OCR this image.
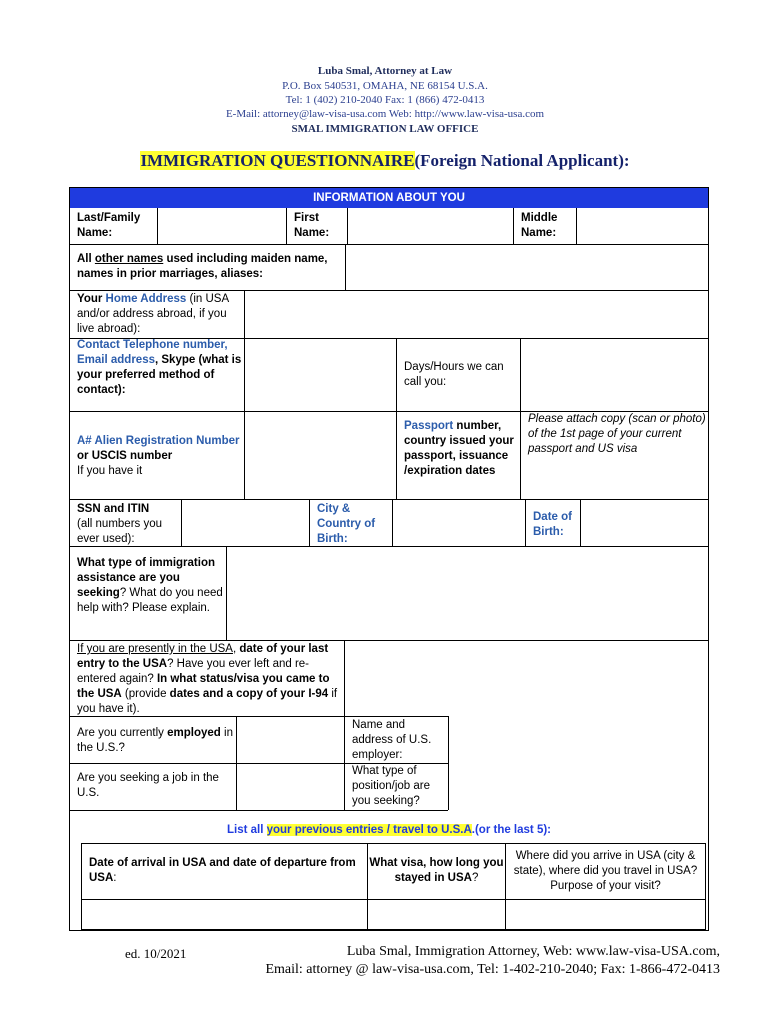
Luba Smal, Attorney at Law
P.O. Box 540531, OMAHA, NE 68154 U.S.A.
Tel: 1 (402) 210-2040 Fax: 1 (866) 472-0413
E-Mail: attorney@law-visa-usa.com Web: http://www.law-visa-usa.com
SMAL IMMIGRATION LAW OFFICE
IMMIGRATION QUESTIONNAIRE(Foreign National Applicant):
INFORMATION ABOUT YOU
Last/Family Name:
First Name:
Middle Name:
All other names used including maiden name, names in prior marriages, aliases:
Your Home Address (in USA and/or address abroad, if you live abroad):
Contact Telephone number, Email address, Skype (what is your preferred method of contact):
Days/Hours we can call you:
A# Alien Registration Number or USCIS number
If you have it
Passport number, country issued your passport, issuance /expiration dates
Please attach copy (scan or photo) of the 1st page of your current passport and US visa
SSN and ITIN
(all numbers you ever used):
City & Country of Birth:
Date of Birth:
What type of immigration assistance are you seeking? What do you need help with? Please explain.
If you are presently in the USA, date of your last entry to the USA? Have you ever left and re-entered again? In what status/visa you came to the USA (provide dates and a copy of your I-94 if you have it).
Are you currently employed in the U.S.?
Name and address of U.S. employer:
Are you seeking a job in the U.S.
What type of position/job are you seeking?
List all your previous entries / travel to U.S.A.(or the last 5):
Date of arrival in USA and date of departure from USA:
What visa, how long you stayed in USA?
Where did you arrive in USA (city & state), where did you travel in USA? Purpose of your visit?
ed. 10/2021	Luba Smal, Immigration Attorney, Web: www.law-visa-USA.com,
Email: attorney @ law-visa-usa.com, Tel: 1-402-210-2040; Fax: 1-866-472-0413
